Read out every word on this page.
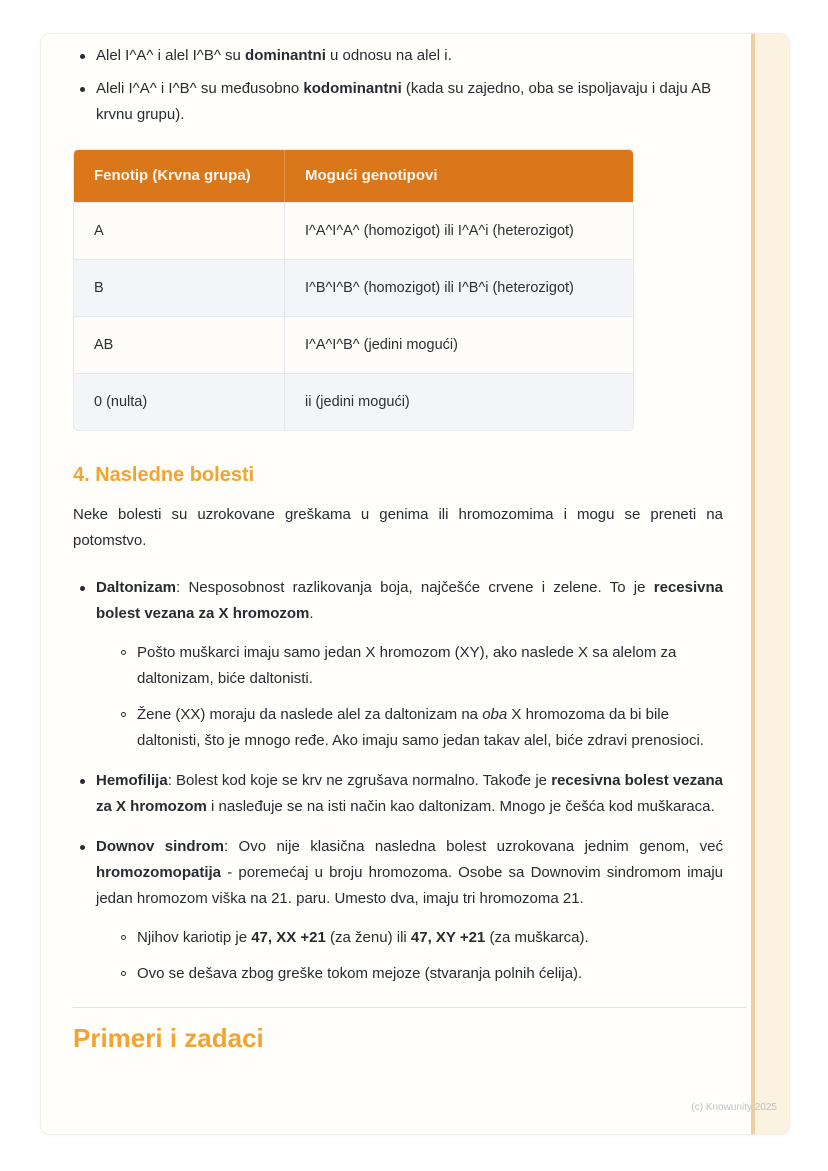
(c) Knowunity 2025
Alel I^A^ i alel I^B^ su dominantni u odnosu na alel i.
Aleli I^A^ i I^B^ su međusobno kodominantni (kada su zajedno, oba se ispoljavaju i daju AB krvnu grupu).
Fenotip (Krvna grupa)	Mogući genotipovi
A	I^A^I^A^ (homozigot) ili I^A^i (heterozigot)
B	I^B^I^B^ (homozigot) ili I^B^i (heterozigot)
AB	I^A^I^B^ (jedini mogući)
0 (nulta)	ii (jedini mogući)
4. Nasledne bolesti

Neke bolesti su uzrokovane greškama u genima ili hromozomima i mogu se preneti na potomstvo.

Daltonizam: Nesposobnost razlikovanja boja, najčešće crvene i zelene. To je recesivna bolest vezana za X hromozom.
Pošto muškarci imaju samo jedan X hromozom (XY), ako naslede X sa alelom za daltonizam, biće daltonisti.
Žene (XX) moraju da naslede alel za daltonizam na oba X hromozoma da bi bile daltonisti, što je mnogo ređe. Ako imaju samo jedan takav alel, biće zdravi prenosioci.
Hemofilija: Bolest kod koje se krv ne zgrušava normalno. Takođe je recesivna bolest vezana za X hromozom i nasleđuje se na isti način kao daltonizam. Mnogo je češća kod muškaraca.
Downov sindrom: Ovo nije klasična nasledna bolest uzrokovana jednim genom, već hromozomopatija - poremećaj u broju hromozoma. Osobe sa Downovim sindromom imaju jedan hromozom viška na 21. paru. Umesto dva, imaju tri hromozoma 21.
Njihov kariotip je 47, XX +21 (za ženu) ili 47, XY +21 (za muškarca).
Ovo se dešava zbog greške tokom mejoze (stvaranja polnih ćelija).
Primeri i zadaci
